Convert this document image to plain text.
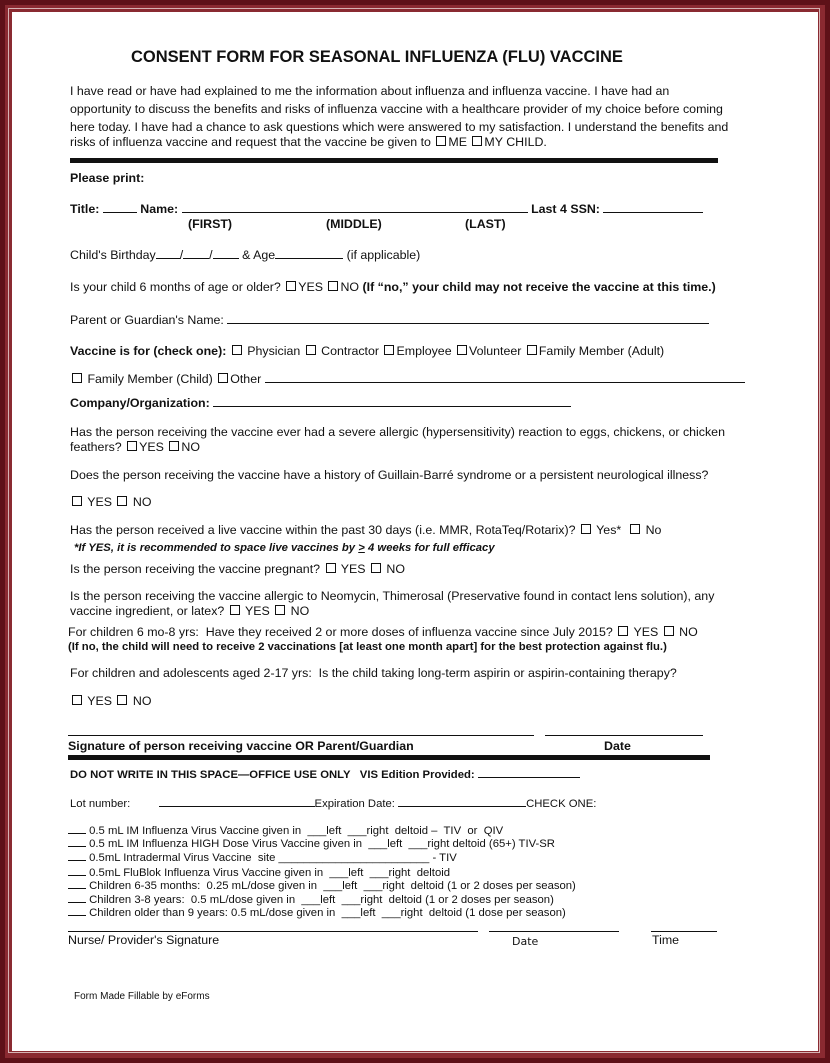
CONSENT FORM FOR SEASONAL INFLUENZA (FLU) VACCINE
I have read or have had explained to me the information about influenza and influenza vaccine. I have had an
opportunity to discuss the benefits and risks of influenza vaccine with a healthcare provider of my choice before coming
here today. I have had a chance to ask questions which were answered to my satisfaction. I understand the benefits and
risks of influenza vaccine and request that the vaccine be given to ME MY CHILD.
Please print:
Title:	Name:	Last 4 SSN:
(FIRST)	(MIDDLE)	(LAST)
Child's Birthday / / & Age	(if applicable)
Is your child 6 months of age or older? YES NO (If “no,” your child may not receive the vaccine at this time.)
Parent or Guardian's Name:
Vaccine is for (check one): Physician Contractor Employee Volunteer Family Member (Adult)
Family Member (Child) Other
Company/Organization:
Has the person receiving the vaccine ever had a severe allergic (hypersensitivity) reaction to eggs, chickens, or chicken
feathers? YES NO
Does the person receiving the vaccine have a history of Guillain-Barré syndrome or a persistent neurological illness?
YES NO
Has the person received a live vaccine within the past 30 days (i.e. MMR, RotaTeq/Rotarix)? Yes* No
*If YES, it is recommended to space live vaccines by ≥ 4 weeks for full efficacy
Is the person receiving the vaccine pregnant? YES NO
Is the person receiving the vaccine allergic to Neomycin, Thimerosal (Preservative found in contact lens solution), any
vaccine ingredient, or latex? YES NO
For children 6 mo-8 yrs:  Have they received 2 or more doses of influenza vaccine since July 2015? YES NO
(If no, the child will need to receive 2 vaccinations [at least one month apart] for the best protection against flu.)
For children and adolescents aged 2-17 yrs:  Is the child taking long-term aspirin or aspirin-containing therapy?
YES NO
Signature of person receiving vaccine OR Parent/Guardian	Date
DO NOT WRITE IN THIS SPACE—OFFICE USE ONLY VIS Edition Provided:
Lot number:	Expiration Date:	CHECK ONE:
0.5 mL IM Influenza Virus Vaccine given in  ___left  ___right  deltoid –  TIV  or  QIV
0.5 mL IM Influenza HIGH Dose Virus Vaccine given in  ___left  ___right deltoid (65+) TIV-SR
0.5mL Intradermal Virus Vaccine  site ________________________ - TIV
0.5mL FluBlok Influenza Virus Vaccine given in  ___left  ___right  deltoid
Children 6-35 months:  0.25 mL/dose given in  ___left  ___right  deltoid (1 or 2 doses per season)
Children 3-8 years:  0.5 mL/dose given in  ___left  ___right  deltoid (1 or 2 doses per season)
Children older than 9 years: 0.5 mL/dose given in  ___left  ___right  deltoid (1 dose per season)
Nurse/ Provider's Signature	Date	Time
Form Made Fillable by eForms
